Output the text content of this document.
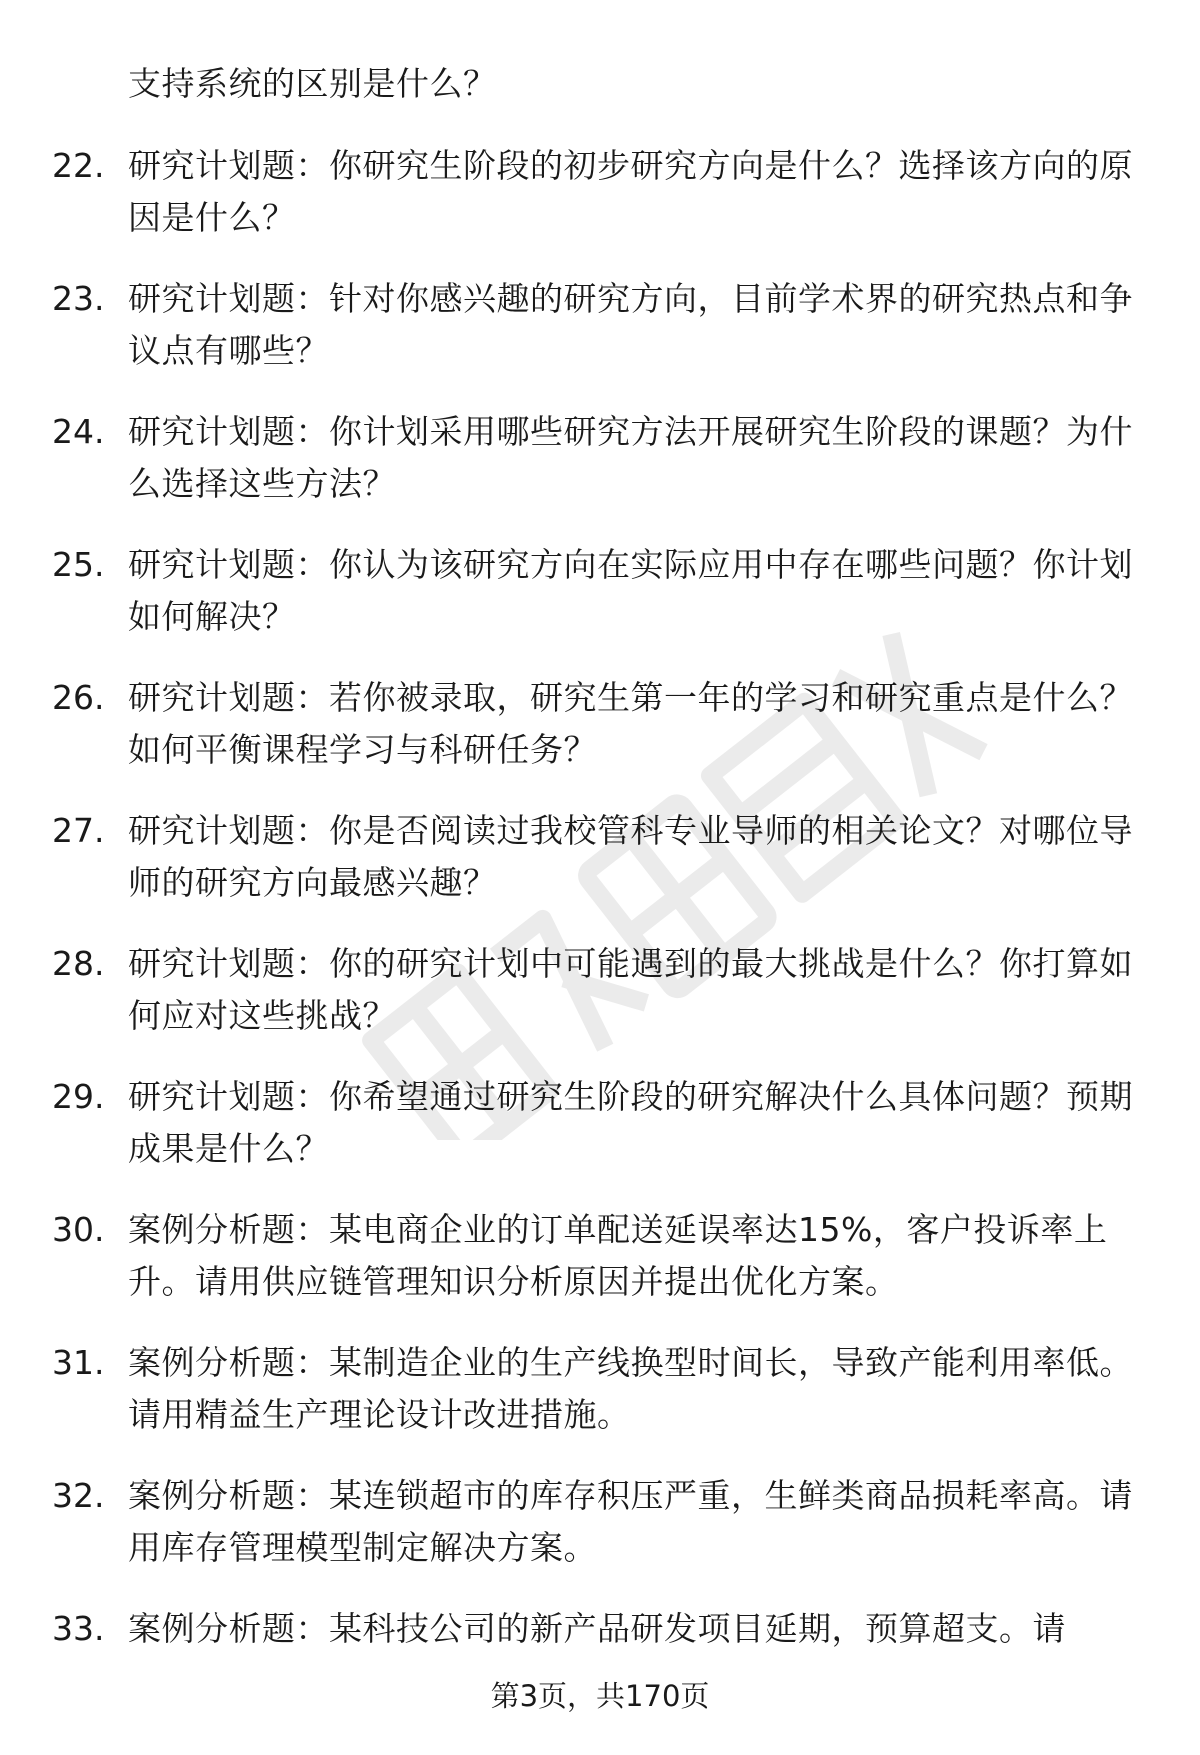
支持系统的区别是什么？
22. 研究计划题：你研究生阶段的初步研究方向是什么？选择该方向的原因是什么？
23. 研究计划题：针对你感兴趣的研究方向，目前学术界的研究热点和争议点有哪些？
24. 研究计划题：你计划采用哪些研究方法开展研究生阶段的课题？为什么选择这些方法？
25. 研究计划题：你认为该研究方向在实际应用中存在哪些问题？你计划如何解决？
26. 研究计划题：若你被录取，研究生第一年的学习和研究重点是什么？如何平衡课程学习与科研任务？
27. 研究计划题：你是否阅读过我校管科专业导师的相关论文？对哪位导师的研究方向最感兴趣？
28. 研究计划题：你的研究计划中可能遇到的最大挑战是什么？你打算如何应对这些挑战？
29. 研究计划题：你希望通过研究生阶段的研究解决什么具体问题？预期成果是什么？
30. 案例分析题：某电商企业的订单配送延误率达15%，客户投诉率上升。请用供应链管理知识分析原因并提出优化方案。
31. 案例分析题：某制造企业的生产线换型时间长，导致产能利用率低。请用精益生产理论设计改进措施。
32. 案例分析题：某连锁超市的库存积压严重，生鲜类商品损耗率高。请用库存管理模型制定解决方案。
33. 案例分析题：某科技公司的新产品研发项目延期，预算超支。请
第3页，共170页
